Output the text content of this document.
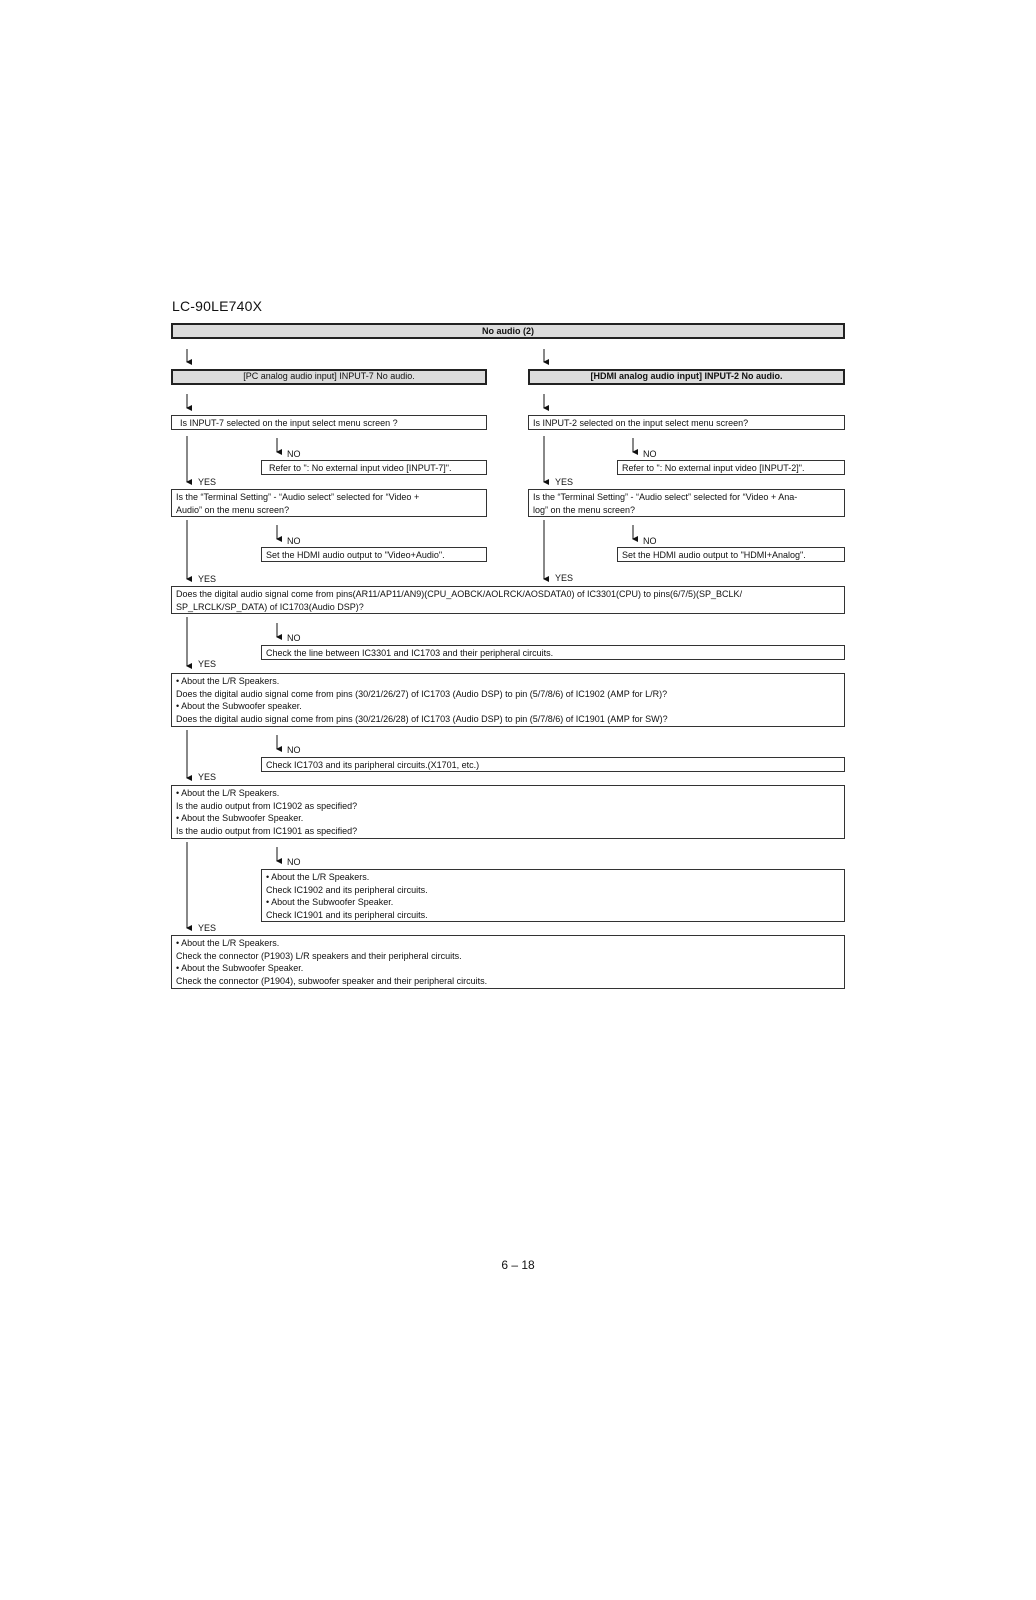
LC-90LE740X
No audio (2)
[PC analog audio input] INPUT-7 No audio.	[HDMI analog audio input] INPUT-2 No audio.
Is INPUT-7 selected on the input select menu screen ?	Is INPUT-2 selected on the input select menu screen?
NO
Refer to ": No external input video [INPUT-7]".
NO
Refer to ": No external input video [INPUT-2]".
YES	YES
Is the “Terminal Setting” - “Audio select” selected for “Video +
Audio” on the menu screen?
Is the “Terminal Setting” - “Audio select” selected for “Video + Ana-
log” on the menu screen?
NO
Set the HDMI audio output to "Video+Audio".
NO
Set the HDMI audio output to "HDMI+Analog".
YES	YES
Does the digital audio signal come from pins(AR11/AP11/AN9)(CPU_AOBCK/AOLRCK/AOSDATA0) of IC3301(CPU) to pins(6/7/5)(SP_BCLK/
SP_LRCLK/SP_DATA) of IC1703(Audio DSP)?
NO
Check the line between IC3301 and IC1703 and their peripheral circuits.
YES
• About the L/R Speakers.
Does the digital audio signal come from pins (30/21/26/27) of IC1703 (Audio DSP) to pin (5/7/8/6) of IC1902 (AMP for L/R)?
• About the Subwoofer speaker.
Does the digital audio signal come from pins (30/21/26/28) of IC1703 (Audio DSP) to pin (5/7/8/6) of IC1901 (AMP for SW)?
NO
Check IC1703 and its paripheral circuits.(X1701, etc.)
YES
• About the L/R Speakers.
Is the audio output from IC1902 as specified?
• About the Subwoofer Speaker.
Is the audio output from IC1901 as specified?
NO
• About the L/R Speakers.
Check IC1902 and its peripheral circuits.
• About the Subwoofer Speaker.
Check IC1901 and its peripheral circuits.
YES
• About the L/R Speakers.
Check the connector (P1903) L/R speakers and their peripheral circuits.
• About the Subwoofer Speaker.
Check the connector (P1904), subwoofer speaker and their peripheral circuits.
6 – 18
